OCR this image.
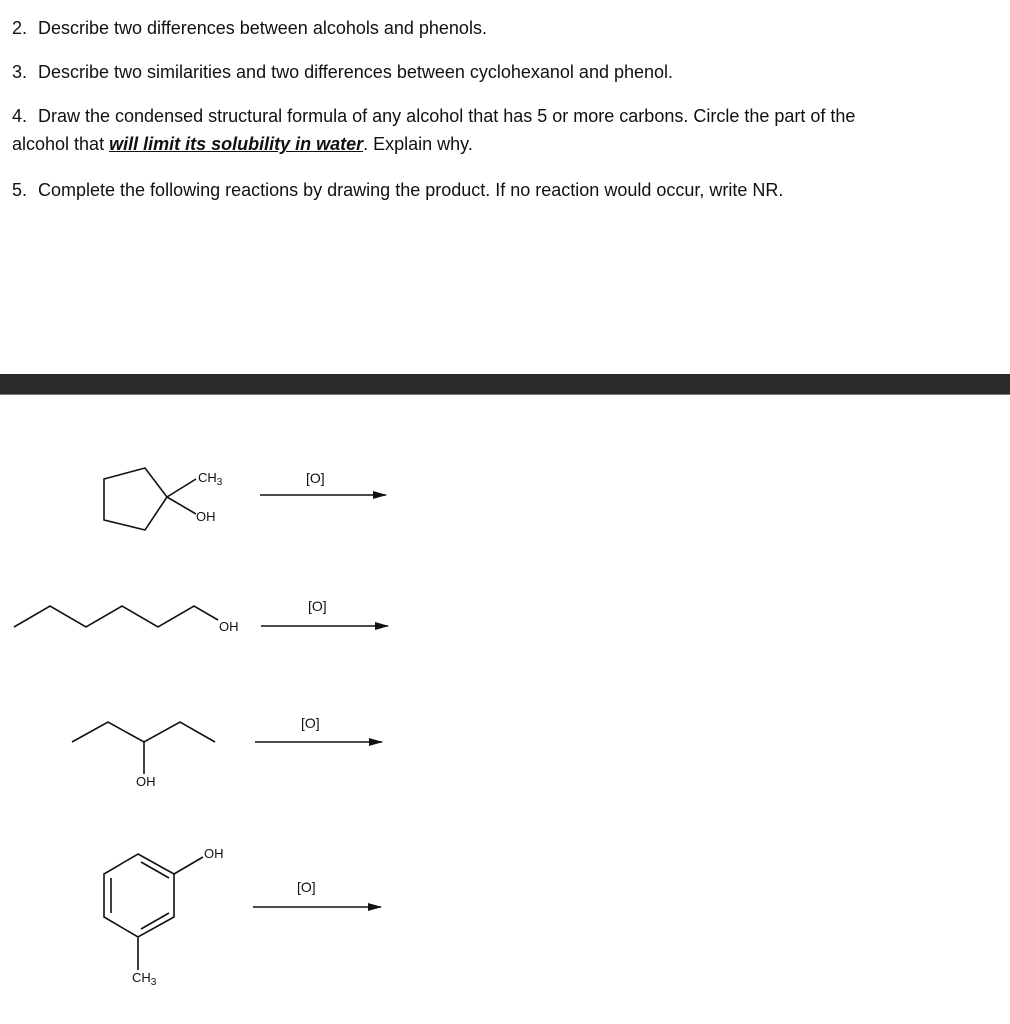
2. Describe two differences between alcohols and phenols.
3. Describe two similarities and two differences between cyclohexanol and phenol.
4. Draw the condensed structural formula of any alcohol that has 5 or more carbons. Circle the part of the
alcohol that will limit its solubility in water. Explain why.
5. Complete the following reactions by drawing the product. If no reaction would occur, write NR.
$CH_3$
OH
[O]
OH
[O]
OH
[O]
OH
$CH_3$
[O]
